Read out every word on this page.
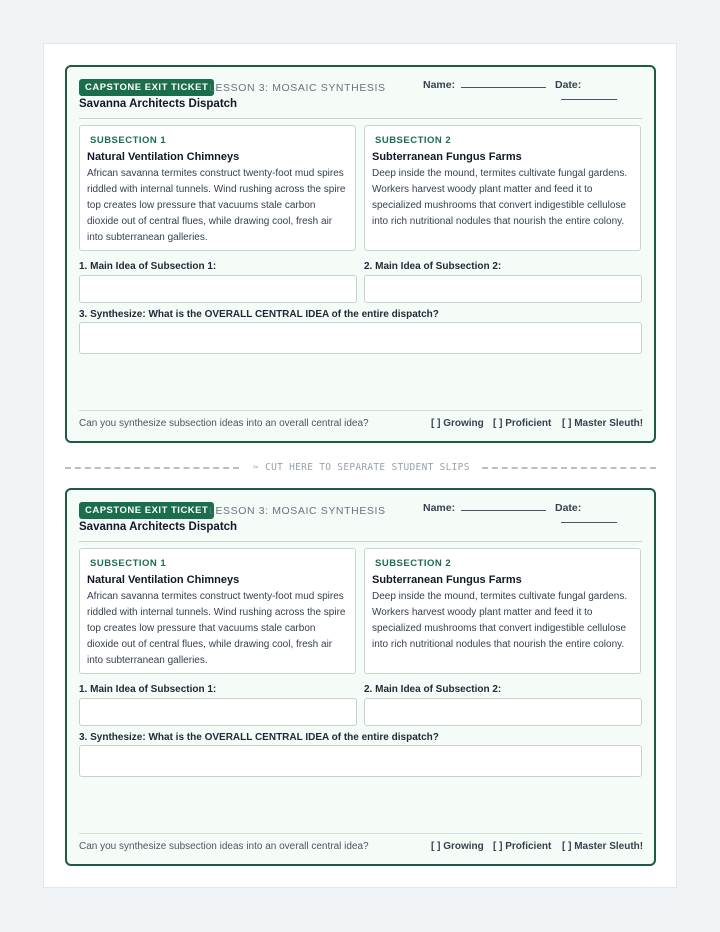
CAPSTONE EXIT TICKET LESSON 3: MOSAIC SYNTHESIS
Savanna Architects Dispatch
Name:	Date:
SUBSECTION 1
Natural Ventilation Chimneys
African savanna termites construct twenty-foot mud spires riddled with internal tunnels. Wind rushing across the spire top creates low pressure that vacuums stale carbon dioxide out of central flues, while drawing cool, fresh air into subterranean galleries.
SUBSECTION 2
Subterranean Fungus Farms
Deep inside the mound, termites cultivate fungal gardens. Workers harvest woody plant matter and feed it to specialized mushrooms that convert indigestible cellulose into rich nutritional nodules that nourish the entire colony.
1. Main Idea of Subsection 1:	2. Main Idea of Subsection 2:
3. Synthesize: What is the OVERALL CENTRAL IDEA of the entire dispatch?
Can you synthesize subsection ideas into an overall central idea?	[ ] Growing [ ] Proficient [ ] Master Sleuth!
✂ CUT HERE TO SEPARATE STUDENT SLIPS
CAPSTONE EXIT TICKET LESSON 3: MOSAIC SYNTHESIS
Savanna Architects Dispatch
Name:	Date:
SUBSECTION 1
Natural Ventilation Chimneys
African savanna termites construct twenty-foot mud spires riddled with internal tunnels. Wind rushing across the spire top creates low pressure that vacuums stale carbon dioxide out of central flues, while drawing cool, fresh air into subterranean galleries.
SUBSECTION 2
Subterranean Fungus Farms
Deep inside the mound, termites cultivate fungal gardens. Workers harvest woody plant matter and feed it to specialized mushrooms that convert indigestible cellulose into rich nutritional nodules that nourish the entire colony.
1. Main Idea of Subsection 1:	2. Main Idea of Subsection 2:
3. Synthesize: What is the OVERALL CENTRAL IDEA of the entire dispatch?
Can you synthesize subsection ideas into an overall central idea?	[ ] Growing [ ] Proficient [ ] Master Sleuth!
